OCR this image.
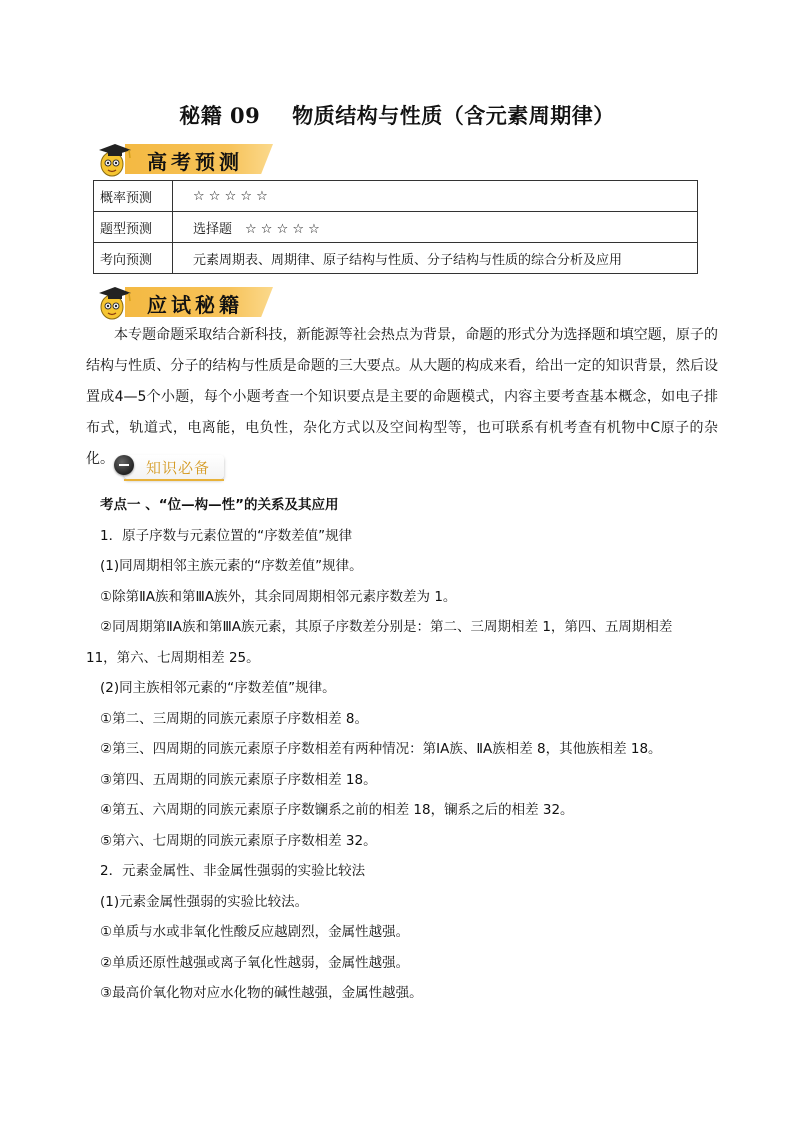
秘籍 09 物质结构与性质（含元素周期律）
高考预测
概率预测	☆ ☆ ☆ ☆ ☆
题型预测	选择题　☆ ☆ ☆ ☆ ☆
考向预测	元素周期表、周期律、原子结构与性质、分子结构与性质的综合分析及应用
应试秘籍
本专题命题采取结合新科技，新能源等社会热点为背景，命题的形式分为选择题和填空题，原子的结构与性质、分子的结构与性质是命题的三大要点。从大题的构成来看，给出一定的知识背景，然后设置成4—5个小题，每个小题考查一个知识要点是主要的命题模式，内容主要考查基本概念，如电子排布式，轨道式，电离能，电负性，杂化方式以及空间构型等，也可联系有机考查有机物中C原子的杂化。	知识必备
考点一 、“位—构—性”的关系及其应用
1．原子序数与元素位置的“序数差值”规律
(1)同周期相邻主族元素的“序数差值”规律。
①除第ⅡA族和第ⅢA族外，其余同周期相邻元素序数差为 1。
②同周期第ⅡA族和第ⅢA族元素，其原子序数差分别是：第二、三周期相差 1，第四、五周期相差
11，第六、七周期相差 25。
(2)同主族相邻元素的“序数差值”规律。
①第二、三周期的同族元素原子序数相差 8。
②第三、四周期的同族元素原子序数相差有两种情况：第ⅠA族、ⅡA族相差 8，其他族相差 18。
③第四、五周期的同族元素原子序数相差 18。
④第五、六周期的同族元素原子序数镧系之前的相差 18，镧系之后的相差 32。
⑤第六、七周期的同族元素原子序数相差 32。
2．元素金属性、非金属性强弱的实验比较法
(1)元素金属性强弱的实验比较法。
①单质与水或非氧化性酸反应越剧烈，金属性越强。
②单质还原性越强或离子氧化性越弱，金属性越强。
③最高价氧化物对应水化物的碱性越强，金属性越强。
